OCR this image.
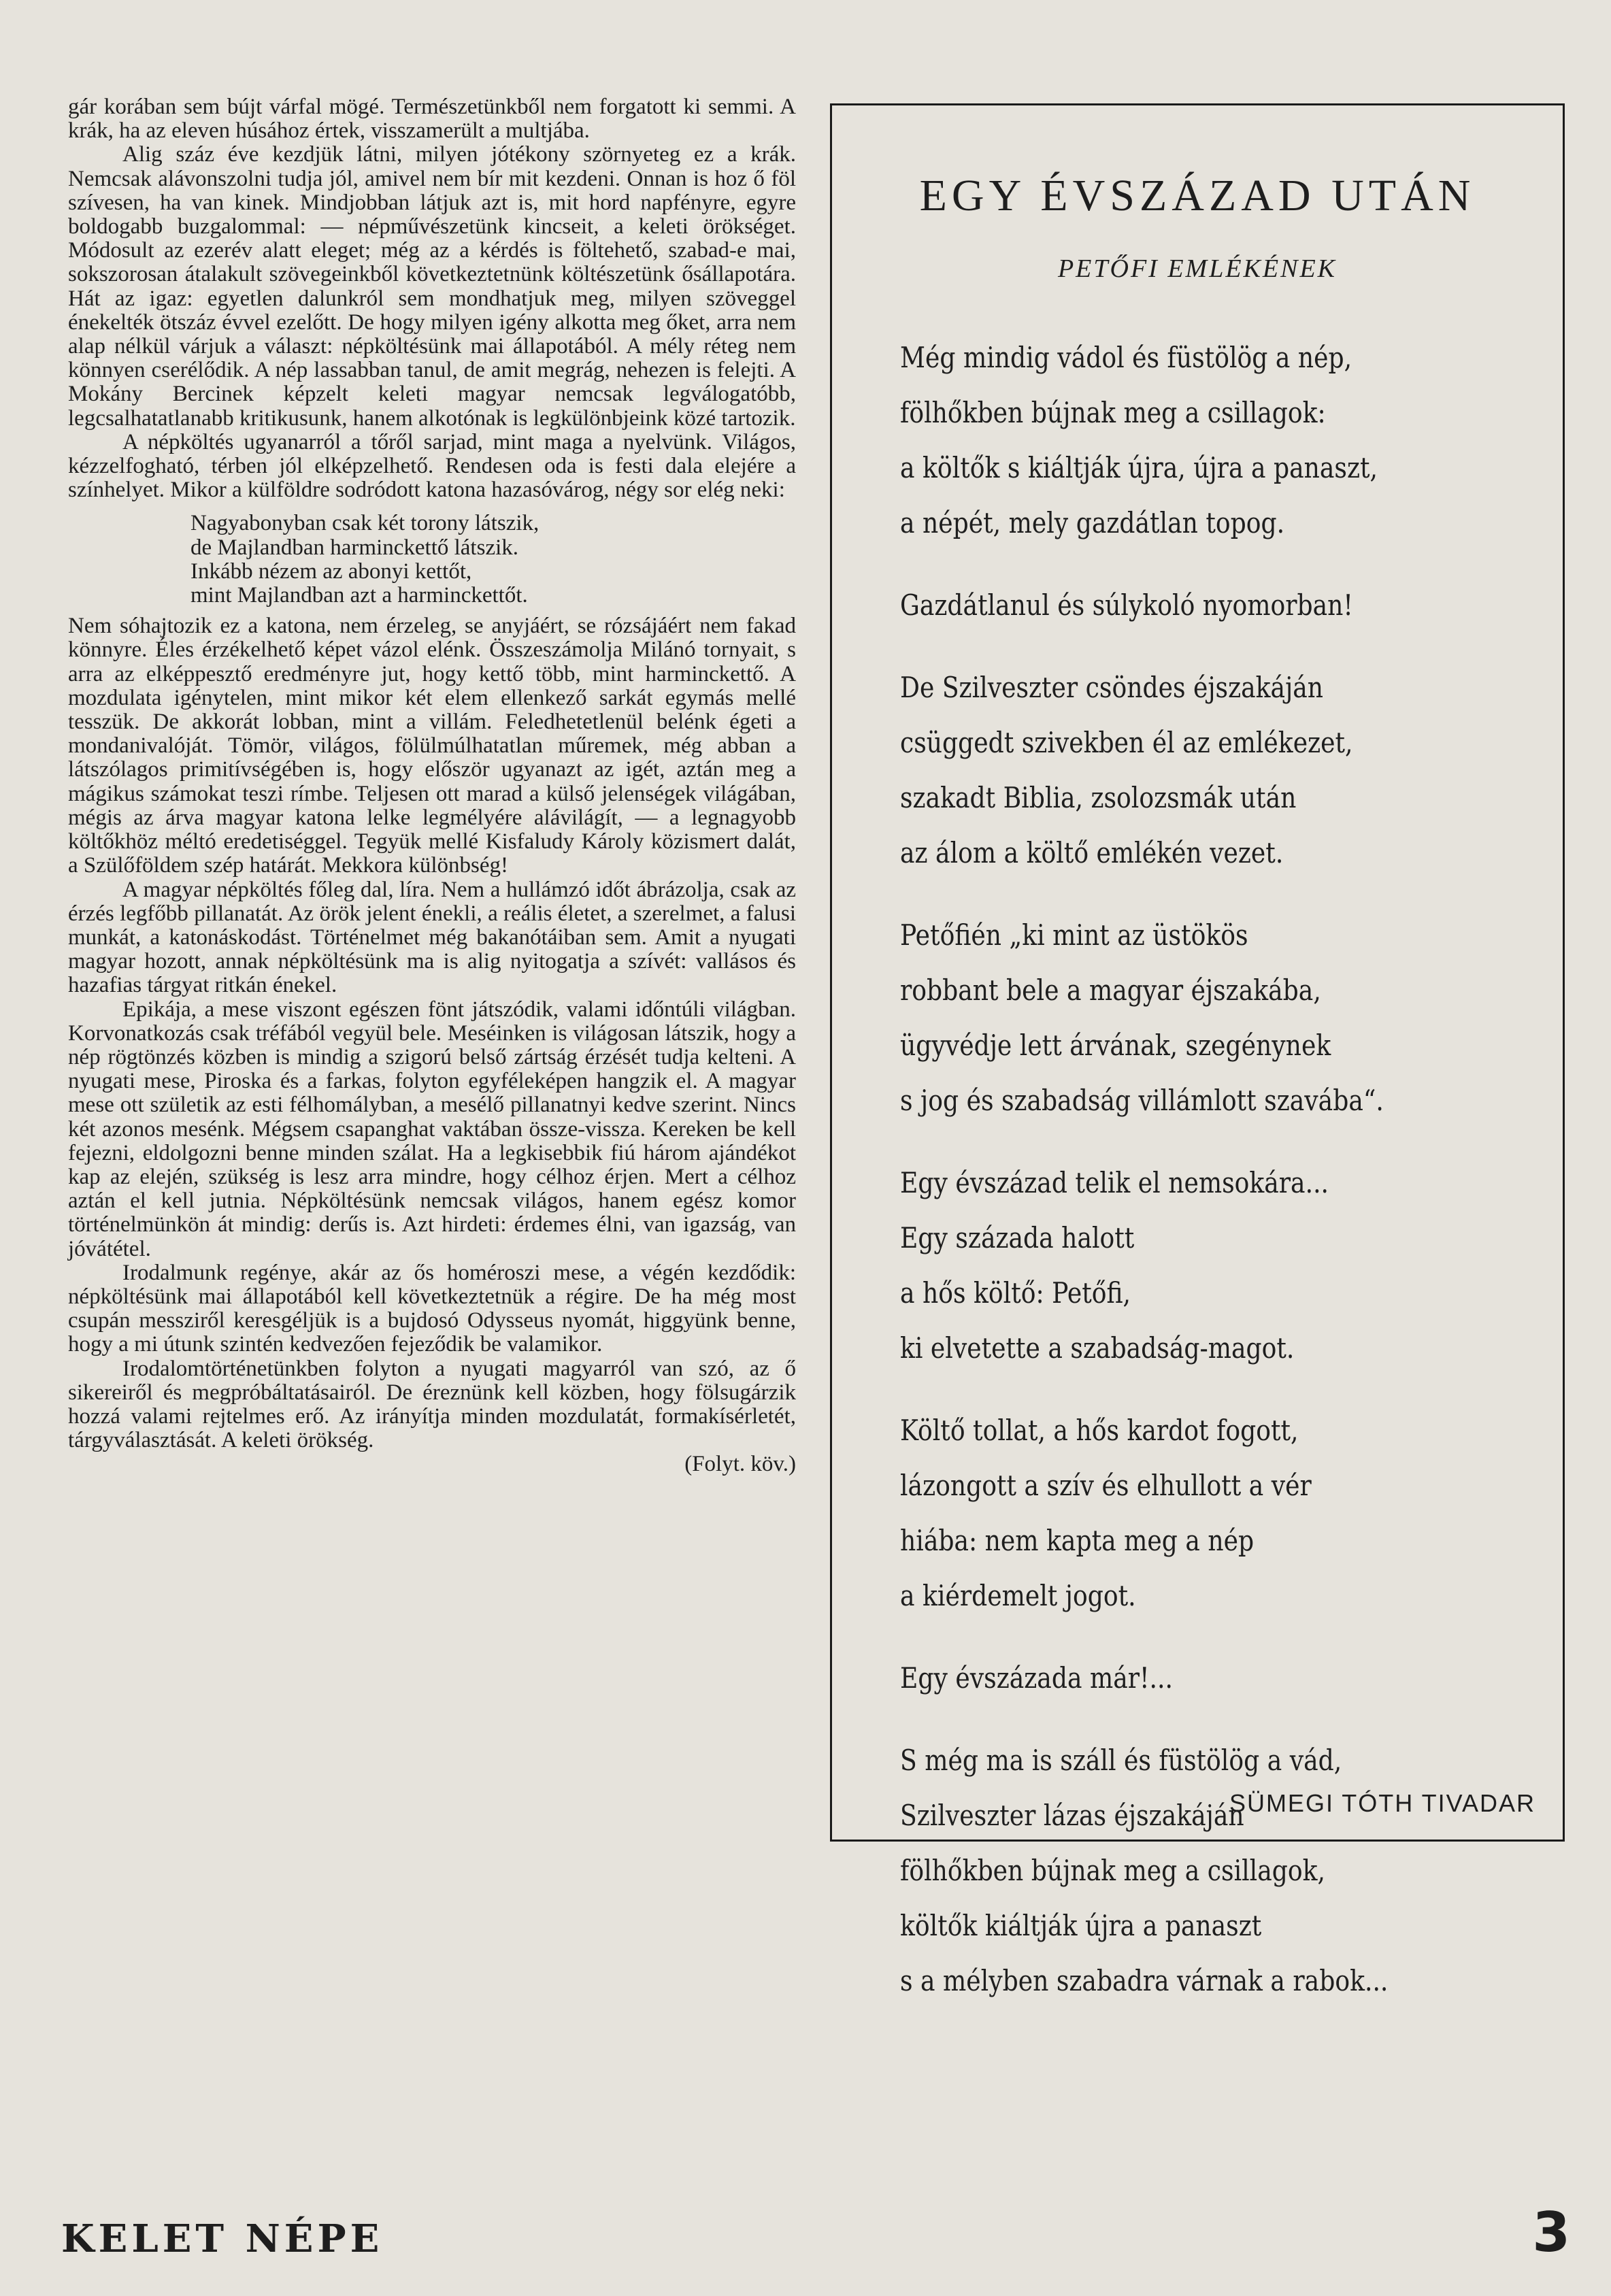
gár korában sem bújt várfal mögé. Természetünkből nem forgatott ki semmi. A krák, ha az eleven húsához értek, visszamerült a multjába.

Alig száz éve kezdjük látni, milyen jótékony szörnyeteg ez a krák. Nemcsak alávonszolni tudja jól, amivel nem bír mit kezdeni. Onnan is hoz ő föl szívesen, ha van kinek. Mindjobban látjuk azt is, mit hord napfényre, egyre boldogabb buzgalommal: — népművészetünk kincseit, a keleti örökséget. Módosult az ezerév alatt eleget; még az a kérdés is föltehető, szabad-e mai, sokszorosan átalakult szövegeinkből következtetnünk költészetünk ősállapotára. Hát az igaz: egyetlen dalunkról sem mondhatjuk meg, milyen szöveggel énekelték ötszáz évvel ezelőtt. De hogy milyen igény alkotta meg őket, arra nem alap nélkül várjuk a választ: népköltésünk mai állapotából. A mély réteg nem könnyen cserélődik. A nép lassabban tanul, de amit megrág, nehezen is felejti. A Mokány Bercinek képzelt keleti magyar nemcsak legválogatóbb, legcsalhatatlanabb kritikusunk, hanem alkotónak is legkülönbjeink közé tartozik.

A népköltés ugyanarról a tőről sarjad, mint maga a nyelvünk. Világos, kézzelfogható, térben jól elképzelhető. Rendesen oda is festi dala elejére a színhelyet. Mikor a külföldre sodródott katona hazasóvárog, négy sor elég neki:

Nagyabonyban csak két torony látszik,
de Majlandban harminckettő látszik.
Inkább nézem az abonyi kettőt,
mint Majlandban azt a harminckettőt.

Nem sóhajtozik ez a katona, nem érzeleg, se anyjáért, se rózsájáért nem fakad könnyre. Éles érzékelhető képet vázol elénk. Összeszámolja Milánó tornyait, s arra az elképpesztő eredményre jut, hogy kettő több, mint harminckettő. A mozdulata igénytelen, mint mikor két elem ellenkező sarkát egymás mellé tesszük. De akkorát lobban, mint a villám. Feledhetetlenül belénk égeti a mondanivalóját. Tömör, világos, fölülmúlhatatlan műremek, még abban a látszólagos primitívségében is, hogy először ugyanazt az igét, aztán meg a mágikus számokat teszi rímbe. Teljesen ott marad a külső jelenségek világában, mégis az árva magyar katona lelke legmélyére alávilágít, — a legnagyobb költőkhöz méltó eredetiséggel. Tegyük mellé Kisfaludy Károly közismert dalát, a Szülőföldem szép határát. Mekkora különbség!

A magyar népköltés főleg dal, líra. Nem a hullámzó időt ábrázolja, csak az érzés legfőbb pillanatát. Az örök jelent énekli, a reális életet, a szerelmet, a falusi munkát, a katonáskodást. Történelmet még bakanótáiban sem. Amit a nyugati magyar hozott, annak népköltésünk ma is alig nyitogatja a szívét: vallásos és hazafias tárgyat ritkán énekel.

Epikája, a mese viszont egészen fönt játszódik, valami időntúli világban. Korvonatkozás csak tréfából vegyül bele. Meséinken is világosan látszik, hogy a nép rögtönzés közben is mindig a szigorú belső zártság érzését tudja kelteni. A nyugati mese, Piroska és a farkas, folyton egyféleképen hangzik el. A magyar mese ott születik az esti félhomályban, a mesélő pillanatnyi kedve szerint. Nincs két azonos mesénk. Mégsem csapanghat vaktában össze-vissza. Kereken be kell fejezni, eldolgozni benne minden szálat. Ha a legkisebbik fiú három ajándékot kap az elején, szükség is lesz arra mindre, hogy célhoz érjen. Mert a célhoz aztán el kell jutnia. Népköltésünk nemcsak világos, hanem egész komor történelmünkön át mindig: derűs is. Azt hirdeti: érdemes élni, van igazság, van jóvátétel.

Irodalmunk regénye, akár az ős homéroszi mese, a végén kezdődik: népköltésünk mai állapotából kell következtetnük a régire. De ha még most csupán messziről keresgéljük is a bujdosó Odysseus nyomát, higgyünk benne, hogy a mi útunk szintén kedvezően fejeződik be valamikor.

Irodalomtörténetünkben folyton a nyugati magyarról van szó, az ő sikereiről és megpróbáltatásairól. De éreznünk kell közben, hogy fölsugárzik hozzá valami rejtelmes erő. Az irányítja minden mozdulatát, formakísérletét, tárgyválasztását. A keleti örökség.

(Folyt. köv.)
EGY ÉVSZÁZAD UTÁN
PETŐFI EMLÉKÉNEK
Még mindig vádol és füstölög a nép,
fölhőkben bújnak meg a csillagok:
a költők s kiáltják újra, újra a panaszt,
a népét, mely gazdátlan topog.
Gazdátlanul és súlykoló nyomorban!
De Szilveszter csöndes éjszakáján
csüggedt szivekben él az emlékezet,
szakadt Biblia, zsolozsmák után
az álom a költő emlékén vezet.
Petőfién „ki mint az üstökös
robbant bele a magyar éjszakába,
ügyvédje lett árvának, szegénynek
s jog és szabadság villámlott szavába“.
Egy évszázad telik el nemsokára...
Egy százada halott
a hős költő: Petőfi,
ki elvetette a szabadság-magot.
Költő tollat, a hős kardot fogott,
lázongott a szív és elhullott a vér
hiába: nem kapta meg a nép
a kiérdemelt jogot.
Egy évszázada már!...
S még ma is száll és füstölög a vád,
Szilveszter lázas éjszakáján
fölhőkben bújnak meg a csillagok,
költők kiáltják újra a panaszt
s a mélyben szabadra várnak a rabok...
SÜMEGI TÓTH TIVADAR
KELET NÉPE	3
